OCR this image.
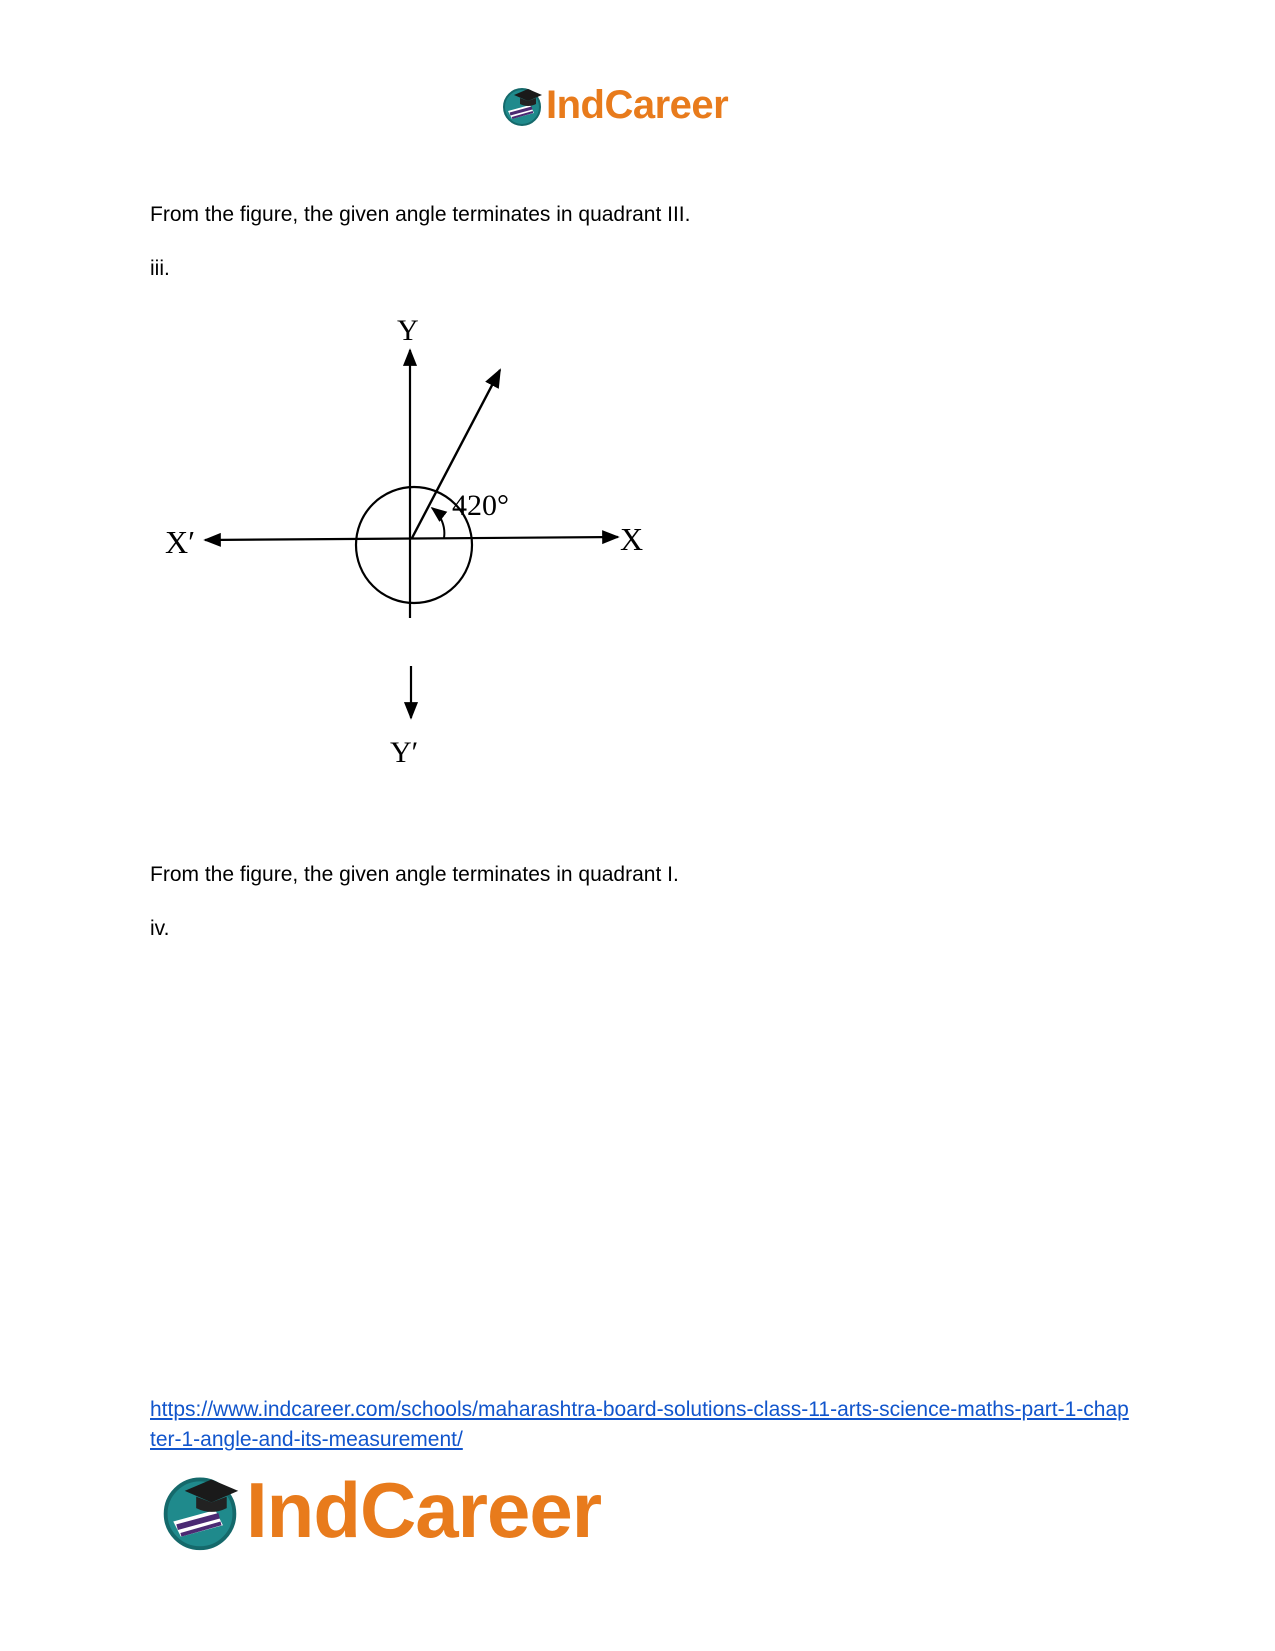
IndCareer
From the figure, the given angle terminates in quadrant III.
iii.
Y
Y′
X
X′
420°
From the figure, the given angle terminates in quadrant I.
iv.
https://www.indcareer.com/schools/maharashtra-board-solutions-class-11-arts-science-maths-part-1-chapter-1-angle-and-its-measurement/
IndCareer
